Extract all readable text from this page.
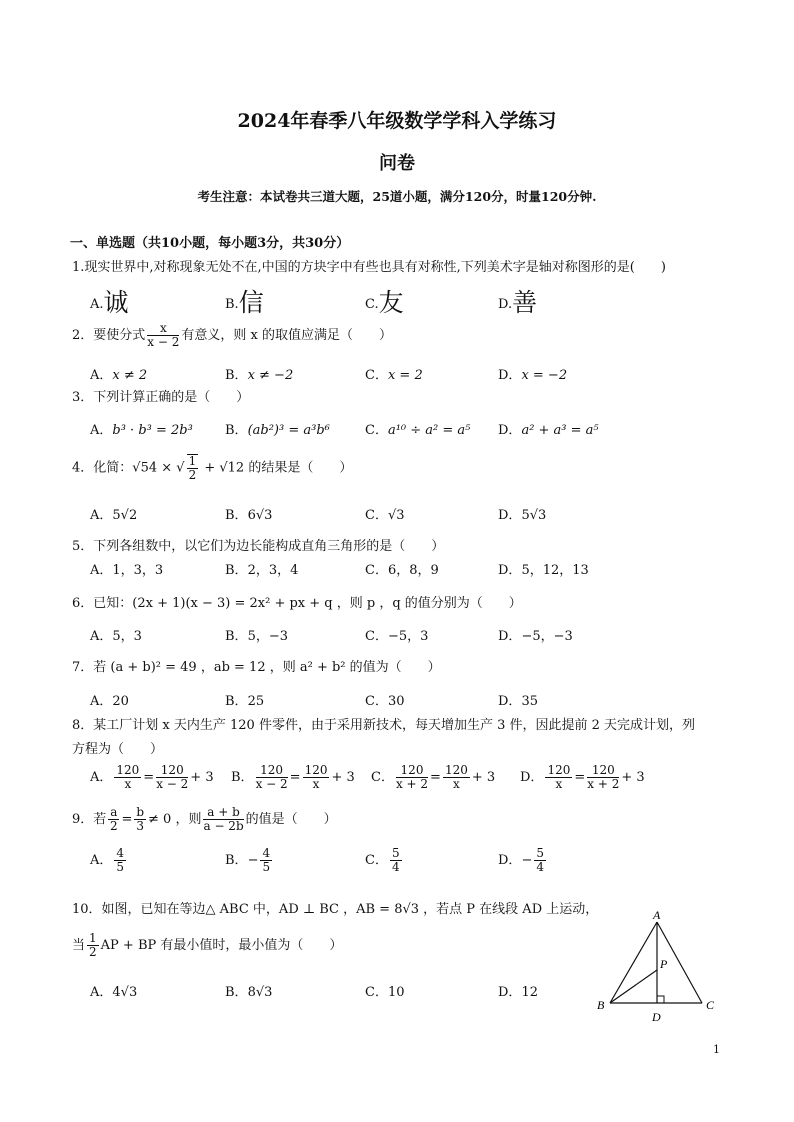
2024年春季八年级数学学科入学练习
问卷
考生注意：本试卷共三道大题，25道小题，满分120分，时量120分钟.
一、单选题（共10小题，每小题3分，共30分）
1.现实世界中,对称现象无处不在,中国的方块字中有些也具有对称性,下列美术字是轴对称图形的是(　　)
A.诚	B.信	C.友	D.善
2．要使分式 $\frac{x}{x - 2}$ 有意义，则 x 的取值应满足（　　）
A．x ≠ 2	B．x ≠ −2	C．x = 2	D．x = −2
3．下列计算正确的是（　　）
A．b³ · b³ = 2b³ B．(ab²)³ = a³b⁶	C．a¹⁰ ÷ a² = a⁵ D．a² + a³ = a⁵
4．化简：√54 × √ $\frac{1}{2} + √12$ 的结果是（　　）
A．5√2	B．6√3	C．√3	D．5√3
5．下列各组数中，以它们为边长能构成直角三角形的是（　　）
A．1，3，3	B．2，3，4	C．6，8，9	D．5，12，13
6．已知：(2x + 1)(x − 3) = 2x² + px + q ，则 p ，q 的值分别为（　　）
A．5，3	B．5，−3	C．−5，3	D．−5，−3
7．若 (a + b)² = 49 ，ab = 12 ，则 a² + b² 的值为（　　）
A．20	B．25	C．30	D．35
8．某工厂计划 x 天内生产 120 件零件，由于采用新技术，每天增加生产 3 件，因此提前 2 天完成计划，列
方程为（　　）
A． $\frac{120}{x} = \frac{120}{x - 2} + 3$ B． $\frac{120}{x - 2} = \frac{120}{x} + 3$ C． $\frac{120}{x + 2} = \frac{120}{x} + 3$ D． $\frac{120}{x} = \frac{120}{x + 2} + 3$
9．若 $\frac{a}{2} = \frac{b}{3} \ne 0$ ，则 $\frac{a + b}{a - 2b}$ 的值是（　　）
A． $\frac{4}{5}$	B．− $\frac{4}{5}$	C． $\frac{5}{4}$	D．− $\frac{5}{4}$
10．如图，已知在等边△ ABC 中，AD ⊥ BC ，AB = 8√3 ，若点 P 在线段 AD 上运动，
当 $\frac{1}{2}$ AP + BP 有最小值时，最小值为（　　）
A．4√3	B．8√3	C．10	D．12
A
B	C
D
P
1
